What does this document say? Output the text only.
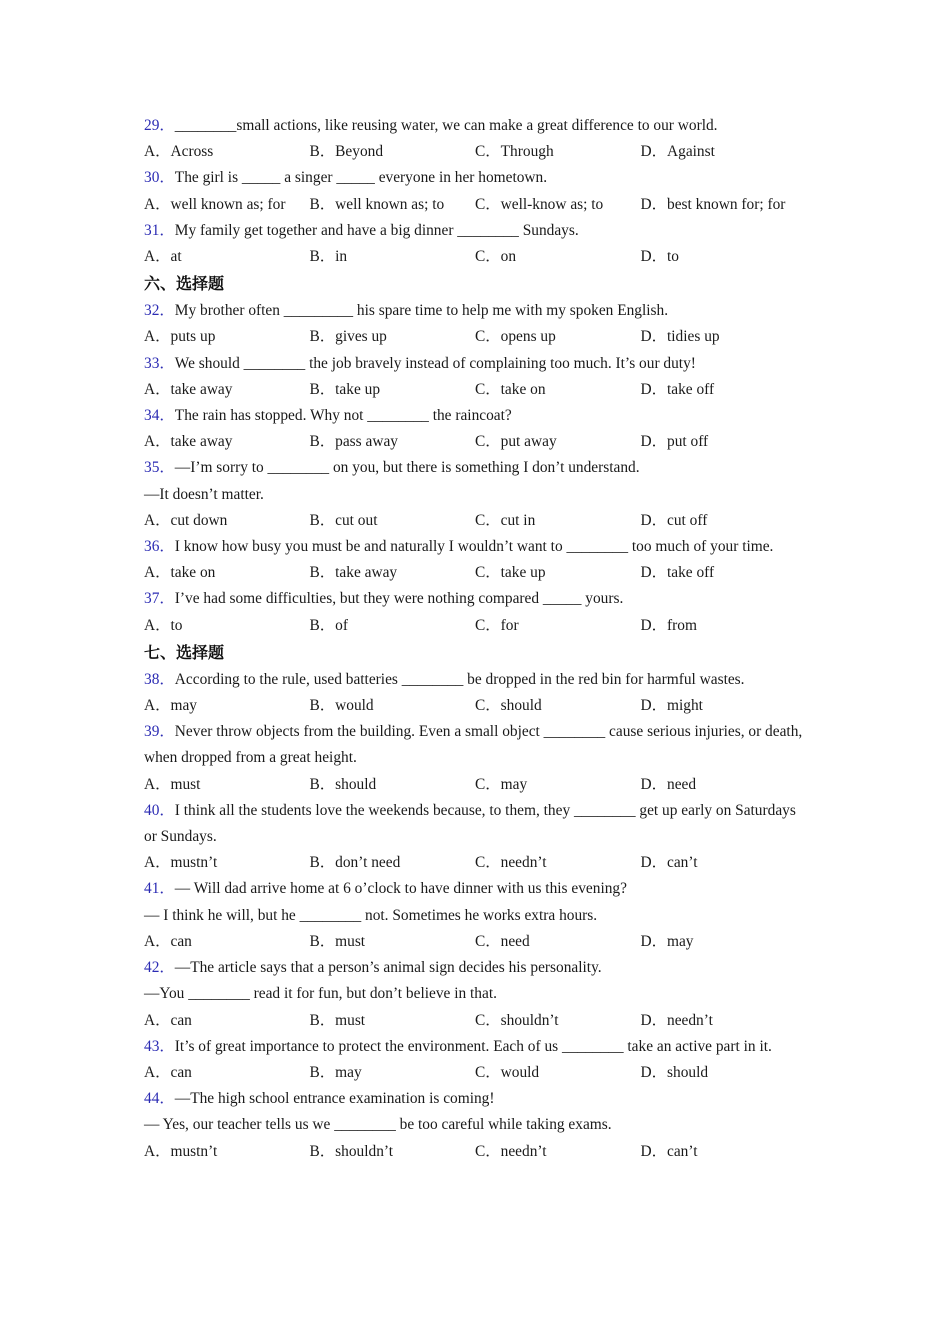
29．________small actions, like reusing water, we can make a great difference to our world.
A．Across	B．Beyond	C．Through	D．Against
30．The girl is _____ a singer _____ everyone in her hometown.
A．well known as; for	B．well known as; to	C．well-know as; to	D．best known for; for
31．My family get together and have a big dinner ________ Sundays.
A．at	B．in	C．on	D．to
六、选择题
32．My brother often _________ his spare time to help me with my spoken English.
A．puts up	B．gives up	C．opens up	D．tidies up
33．We should ________ the job bravely instead of complaining too much. It’s our duty!
A．take away	B．take up	C．take on	D．take off
34．The rain has stopped. Why not ________ the raincoat?
A．take away	B．pass away	C．put away	D．put off
35．—I’m sorry to ________ on you, but there is something I don’t understand.
—It doesn’t matter.
A．cut down	B．cut out	C．cut in	D．cut off
36．I know how busy you must be and naturally I wouldn’t want to ________ too much of your time.
A．take on	B．take away	C．take up	D．take off
37．I’ve had some difficulties, but they were nothing compared _____ yours.
A．to	B．of	C．for	D．from
七、选择题
38．According to the rule, used batteries ________ be dropped in the red bin for harmful wastes.
A．may	B．would	C．should	D．might
39．Never throw objects from the building. Even a small object ________ cause serious injuries, or death, when dropped from a great height.
A．must	B．should	C．may	D．need
40．I think all the students love the weekends because, to them, they ________ get up early on Saturdays or Sundays.
A．mustn’t	B．don’t need	C．needn’t	D．can’t
41．— Will dad arrive home at 6 o’clock to have dinner with us this evening?
— I think he will, but he ________ not. Sometimes he works extra hours.
A．can	B．must	C．need	D．may
42．—The article says that a person’s animal sign decides his personality.
—You ________ read it for fun, but don’t believe in that.
A．can	B．must	C．shouldn’t	D．needn’t
43．It’s of great importance to protect the environment. Each of us ________ take an active part in it.
A．can	B．may	C．would	D．should
44．—The high school entrance examination is coming!
— Yes, our teacher tells us we ________ be too careful while taking exams.
A．mustn’t	B．shouldn’t	C．needn’t	D．can’t
